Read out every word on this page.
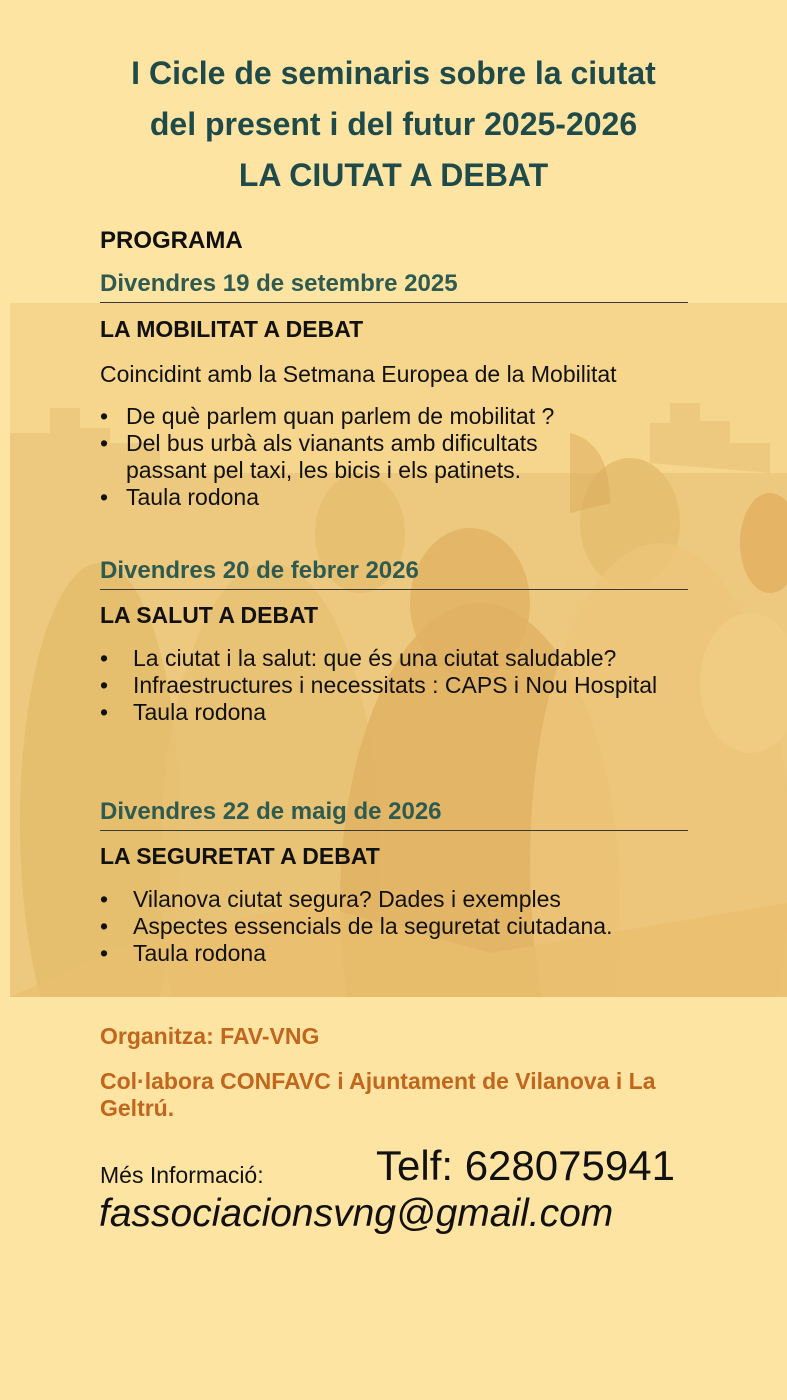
I Cicle de seminaris sobre la ciutat
del present i del futur 2025-2026
LA CIUTAT A DEBAT
PROGRAMA

Divendres 19 de setembre 2025

LA MOBILITAT A DEBAT

Coincidint amb la Setmana Europea de la Mobilitat

• De què parlem quan parlem de mobilitat ?
• Del bus urbà als vianants amb dificultats passant pel taxi, les bicis i els patinets.
• Taula rodona

Divendres 20 de febrer 2026

LA SALUT A DEBAT

• La ciutat i la salut: que és una ciutat saludable?
• Infraestructures i necessitats : CAPS i Nou Hospital
• Taula rodona

Divendres 22 de maig de 2026

LA SEGURETAT A DEBAT

• Vilanova ciutat segura? Dades i exemples
• Aspectes essencials de la seguretat ciutadana.
• Taula rodona

Organitza: FAV-VNG

Col·labora CONFAVC i Ajuntament de Vilanova i La Geltrú.

Més Informació:	Telf: 628075941

fassociacionsvng@gmail.com
